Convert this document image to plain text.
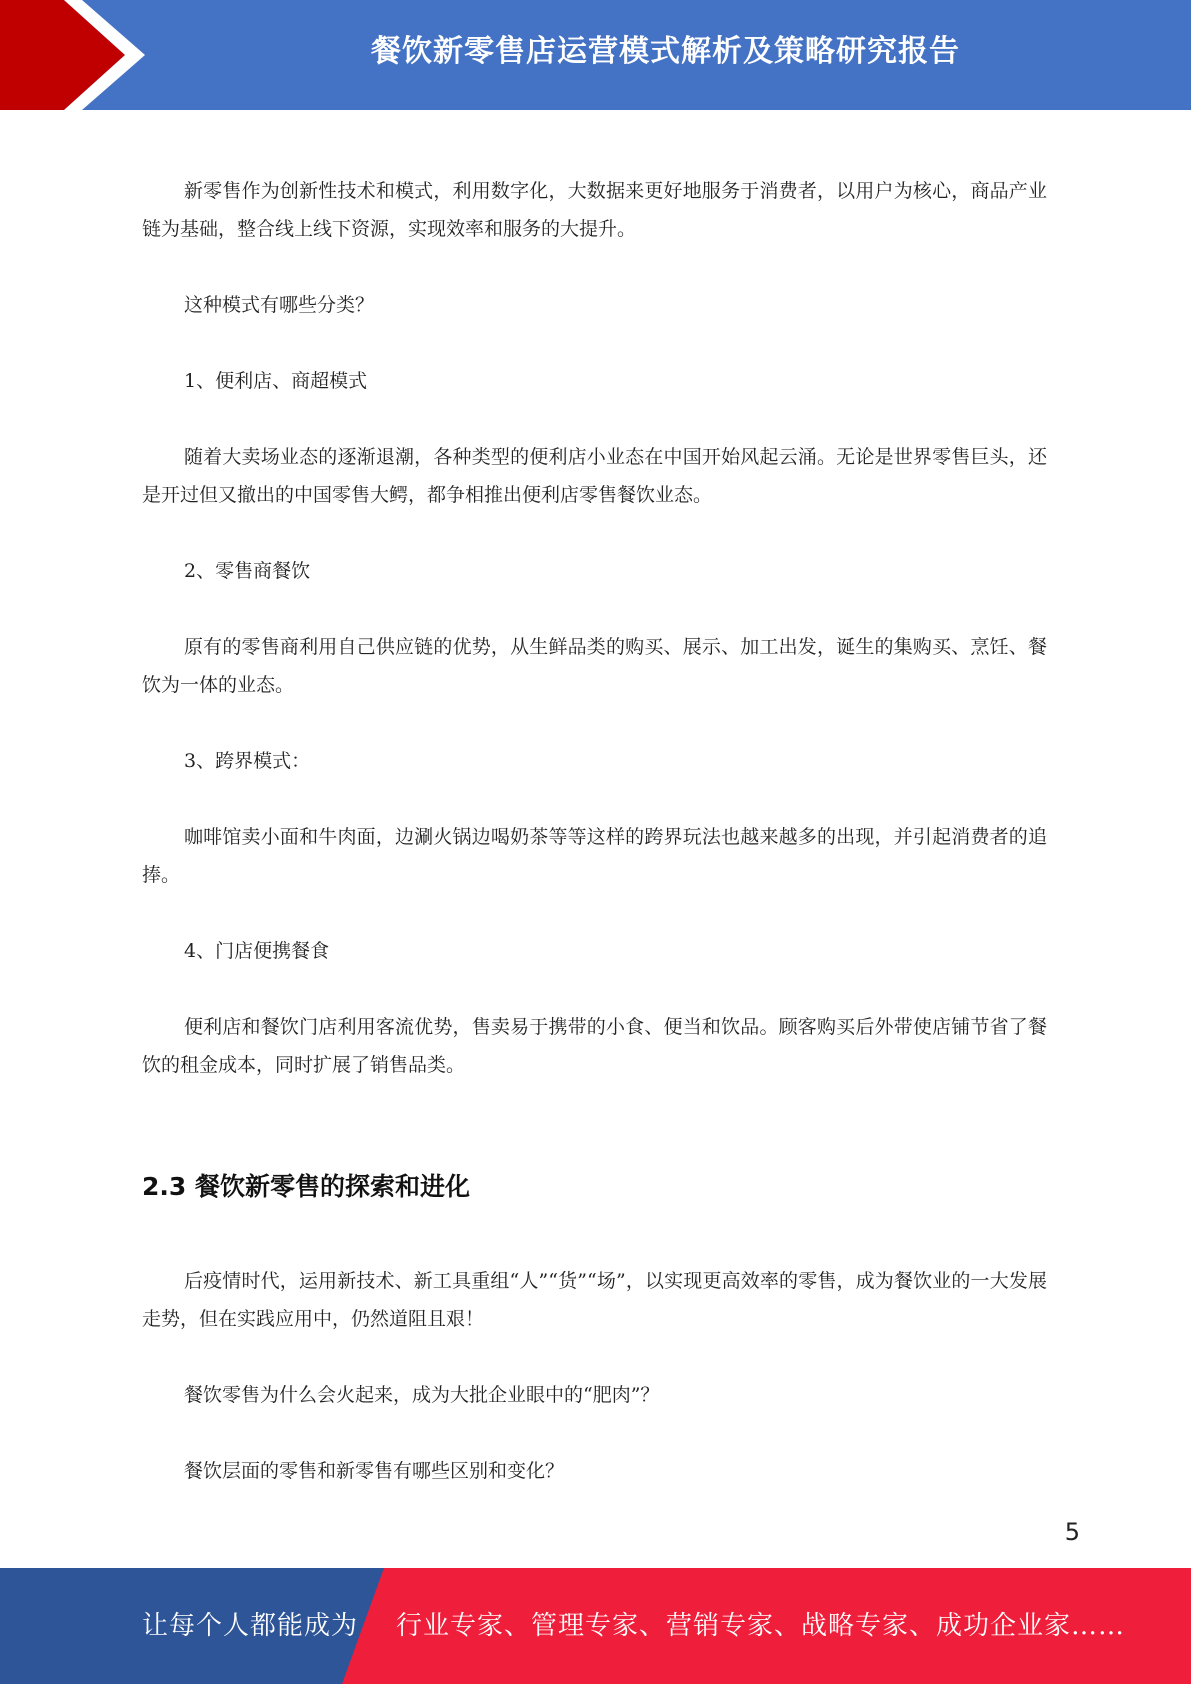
餐饮新零售店运营模式解析及策略研究报告

新零售作为创新性技术和模式，利用数字化，大数据来更好地服务于消费者，以用户为核心，商品产业链为基础，整合线上线下资源，实现效率和服务的大提升。

这种模式有哪些分类？

1、便利店、商超模式

随着大卖场业态的逐渐退潮，各种类型的便利店小业态在中国开始风起云涌。无论是世界零售巨头，还是开过但又撤出的中国零售大鳄，都争相推出便利店零售餐饮业态。

2、零售商餐饮

原有的零售商利用自己供应链的优势，从生鲜品类的购买、展示、加工出发，诞生的集购买、烹饪、餐饮为一体的业态。

3、跨界模式：

咖啡馆卖小面和牛肉面，边涮火锅边喝奶茶等等这样的跨界玩法也越来越多的出现，并引起消费者的追捧。

4、门店便携餐食

便利店和餐饮门店利用客流优势，售卖易于携带的小食、便当和饮品。顾客购买后外带使店铺节省了餐饮的租金成本，同时扩展了销售品类。

2.3 餐饮新零售的探索和进化

后疫情时代，运用新技术、新工具重组“人”“货”“场”，以实现更高效率的零售，成为餐饮业的一大发展走势，但在实践应用中，仍然道阻且艰！

餐饮零售为什么会火起来，成为大批企业眼中的“肥肉”？

餐饮层面的零售和新零售有哪些区别和变化？

5
让每个人都能成为 行业专家、管理专家、营销专家、战略专家、成功企业家……
